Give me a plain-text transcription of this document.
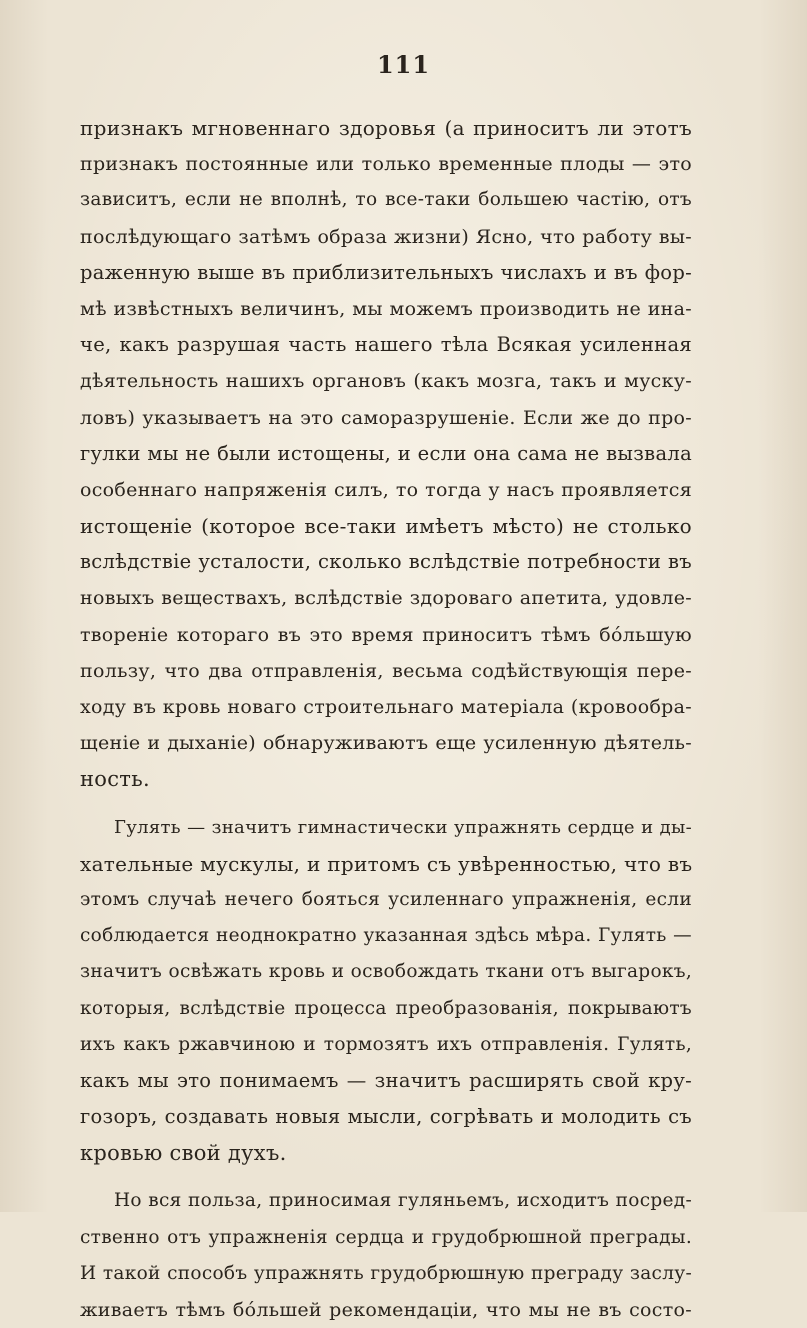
111
признакъ мгновеннаго здоровья (а приноситъ ли этотъ
признакъ постоянные или только временные плоды — это
зависитъ, если не вполнѣ, то все-таки большею частію, отъ
послѣдующаго затѣмъ образа жизни) Ясно, что работу вы-
раженную выше въ приблизительныхъ числахъ и въ фор-
мѣ извѣстныхъ величинъ, мы можемъ производить не ина-
че, какъ разрушая часть нашего тѣла Всякая усиленная
дѣятельность нашихъ органовъ (какъ мозга, такъ и муску-
ловъ) указываетъ на это саморазрушеніе. Если же до про-
гулки мы не были истощены, и если она сама не вызвала
особеннаго напряженія силъ, то тогда у насъ проявляется
истощеніе (которое все-таки имѣетъ мѣсто) не столько
вслѣдствіе усталости, сколько вслѣдствіе потребности въ
новыхъ веществахъ, вслѣдствіе здороваго апетита, удовле-
твореніе котораго въ это время приноситъ тѣмъ бо́льшую
пользу, что два отправленія, весьма содѣйствующія пере-
ходу въ кровь новаго строительнаго матеріала (кровообра-
щеніе и дыханіе) обнаруживаютъ еще усиленную дѣятель-
ность.
Гулять — значитъ гимнастически упражнять сердце и ды-
хательные мускулы, и притомъ съ увѣренностью, что въ
этомъ случаѣ нечего бояться усиленнаго упражненія, если
соблюдается неоднократно указанная здѣсь мѣра. Гулять —
значитъ освѣжать кровь и освобождать ткани отъ выгарокъ,
которыя, вслѣдствіе процесса преобразованія, покрываютъ
ихъ какъ ржавчиною и тормозятъ ихъ отправленія. Гулять,
какъ мы это понимаемъ — значитъ расширять свой кру-
гозоръ, создавать новыя мысли, согрѣвать и молодить съ
кровью свой духъ.
Но вся польза, приносимая гуляньемъ, исходитъ посред-
ственно отъ упражненія сердца и грудобрюшной преграды.
И такой способъ упражнять грудобрюшную преграду заслу-
живаетъ тѣмъ бо́льшей рекомендаціи, что мы не въ состо-
